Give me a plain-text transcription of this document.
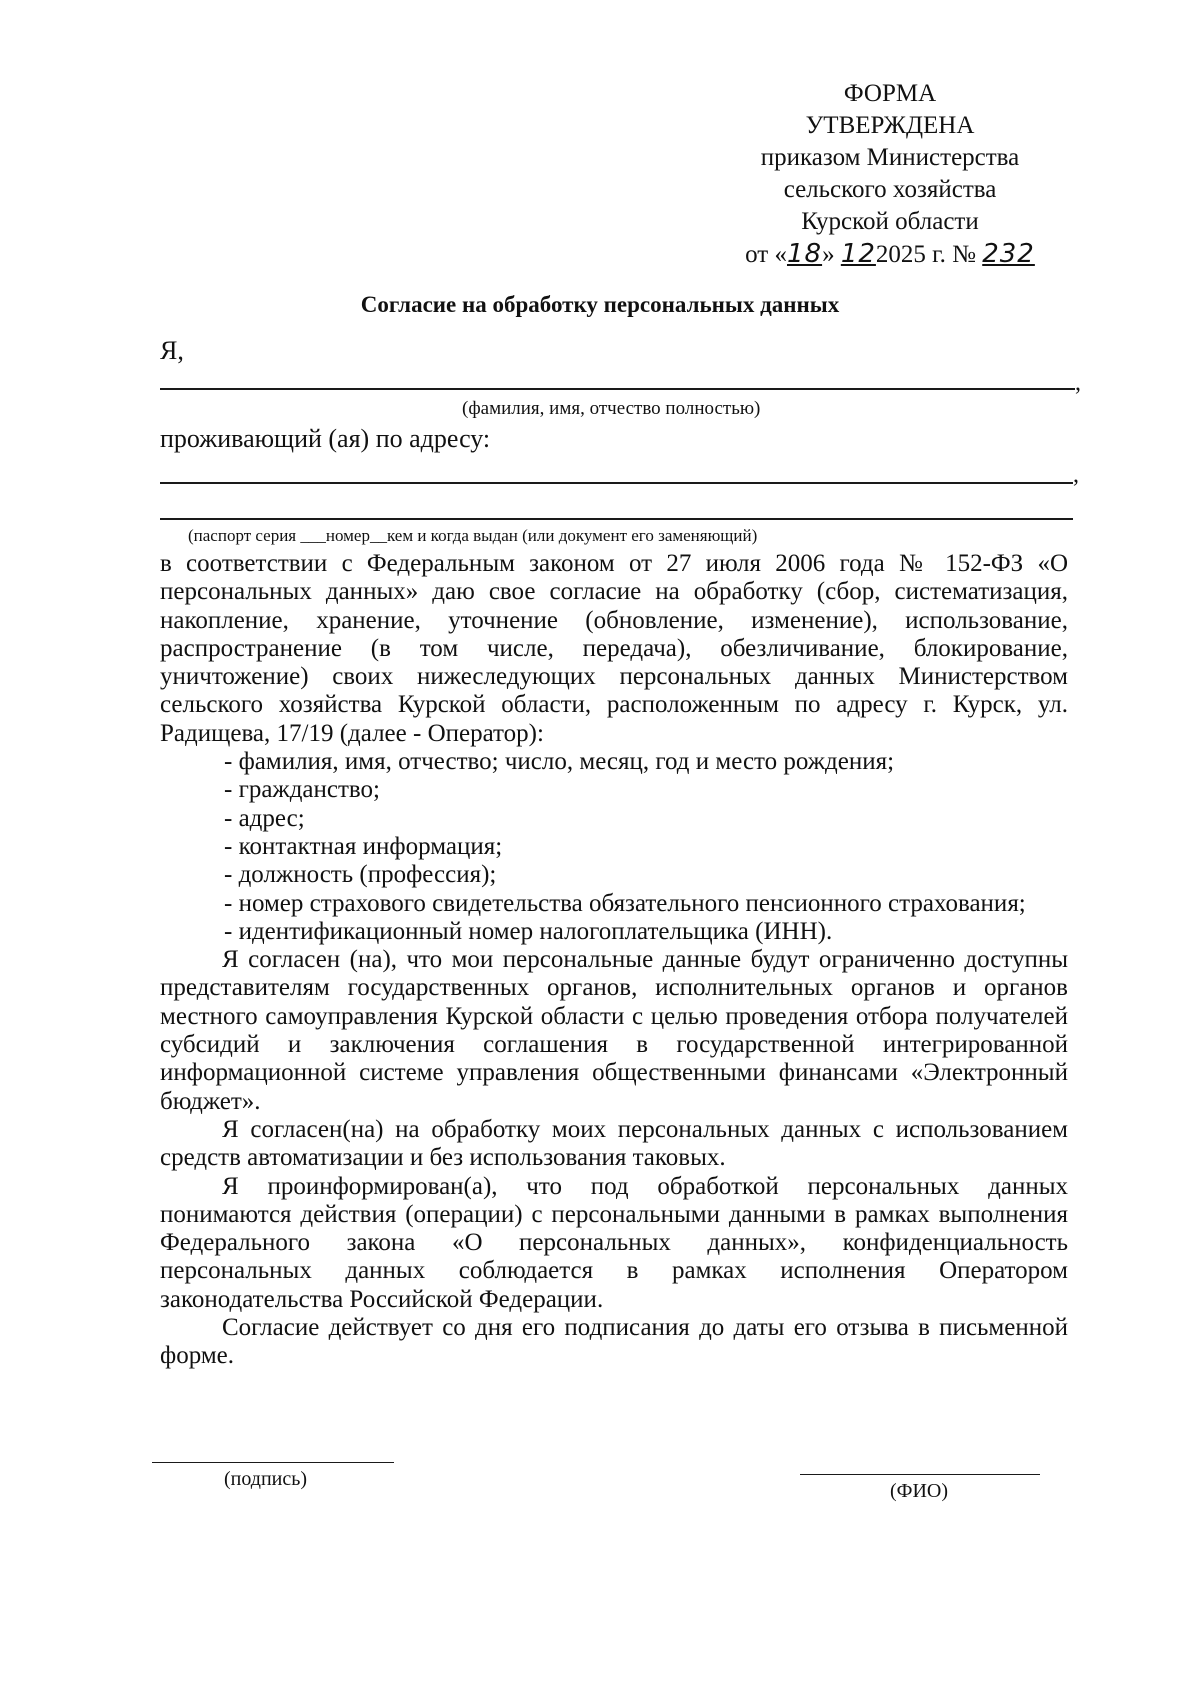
ФОРМА
УТВЕРЖДЕНА
приказом Министерства
сельского хозяйства
Курской области
от «18» 122025 г. № 232
Согласие на обработку персональных данных
Я,
,
(фамилия, имя, отчество полностью)
проживающий (ая) по адресу:
,
(паспорт серия ___номер__кем и когда выдан (или документ его заменяющий)

в соответствии с Федеральным законом от 27 июля 2006 года № 152-ФЗ «О персональных данных» даю свое согласие на обработку (сбор, систематизация, накопление, хранение, уточнение (обновление, изменение), использование, распространение (в том числе, передача), обезличивание, блокирование, уничтожение) своих нижеследующих персональных данных Министерством сельского хозяйства Курской области, расположенным по адресу г. Курск, ул. Радищева, 17/19 (далее - Оператор):

- фамилия, имя, отчество; число, месяц, год и место рождения;
- гражданство;
- адрес;
- контактная информация;
- должность (профессия);
- номер страхового свидетельства обязательного пенсионного страхования;
- идентификационный номер налогоплательщика (ИНН).

Я согласен (на), что мои персональные данные будут ограниченно доступны представителям государственных органов, исполнительных органов и органов местного самоуправления Курской области с целью проведения отбора получателей субсидий и заключения соглашения в государственной интегрированной информационной системе управления общественными финансами «Электронный бюджет».

Я согласен(на) на обработку моих персональных данных с использованием средств автоматизации и без использования таковых.

Я проинформирован(а), что под обработкой персональных данных понимаются действия (операции) с персональными данными в рамках выполнения Федерального закона «О персональных данных», конфиденциальность персональных данных соблюдается в рамках исполнения Оператором законодательства Российской Федерации.

Согласие действует со дня его подписания до даты его отзыва в письменной форме.

(подпись)
(ФИО)
